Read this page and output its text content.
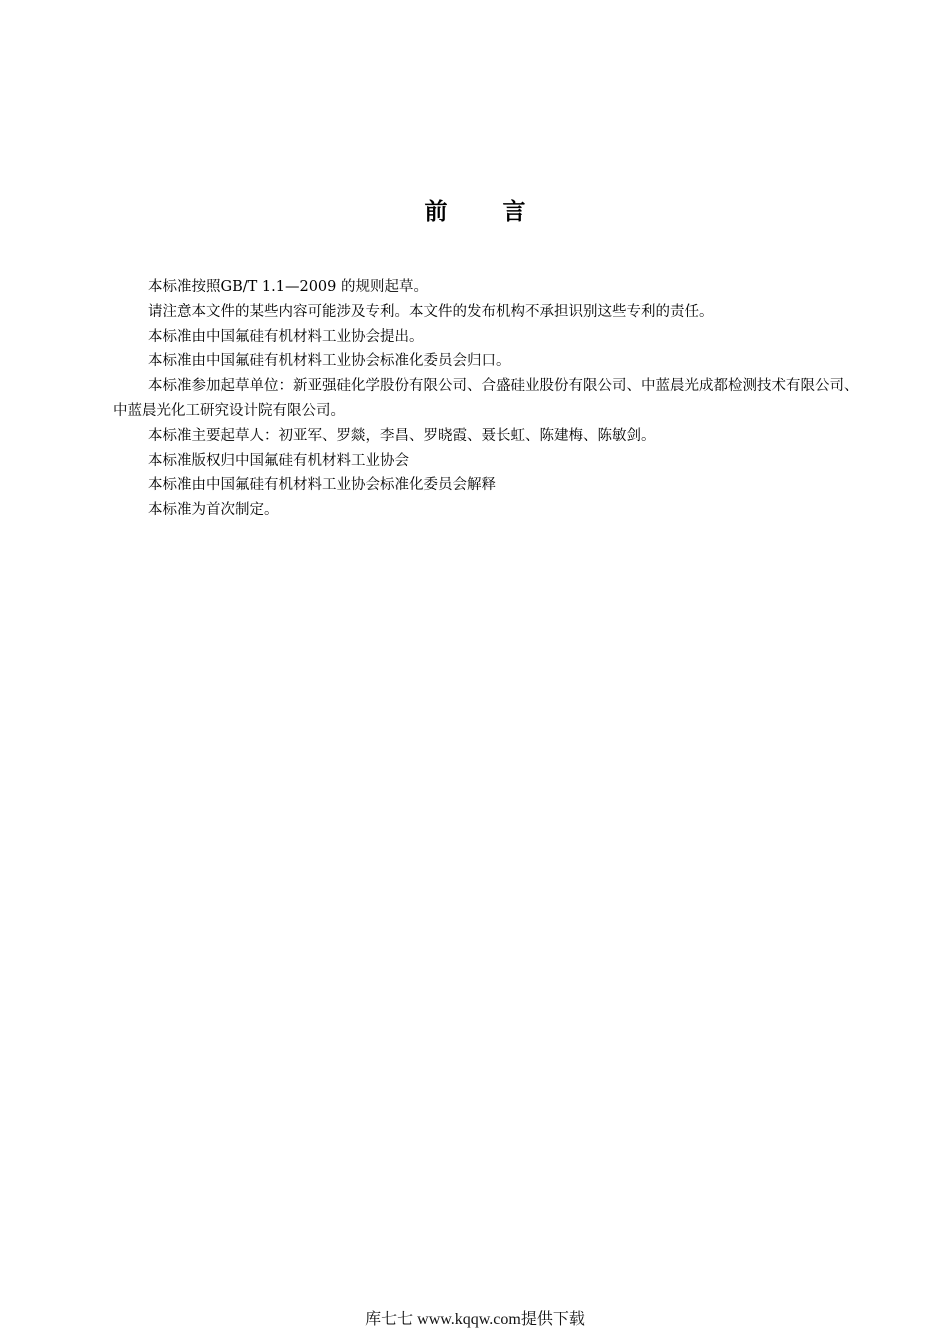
前 言

本标准按照GB/T 1.1—2009 的规则起草。

请注意本文件的某些内容可能涉及专利。本文件的发布机构不承担识别这些专利的责任。

本标准由中国氟硅有机材料工业协会提出。

本标准由中国氟硅有机材料工业协会标准化委员会归口。

本标准参加起草单位：新亚强硅化学股份有限公司、合盛硅业股份有限公司、中蓝晨光成都检测技术有限公司、中蓝晨光化工研究设计院有限公司。

本标准主要起草人：初亚军、罗燚，李昌、罗晓霞、聂长虹、陈建梅、陈敏剑。

本标准版权归中国氟硅有机材料工业协会

本标准由中国氟硅有机材料工业协会标准化委员会解释

本标准为首次制定。

库七七 www.kqqw.com提供下载
